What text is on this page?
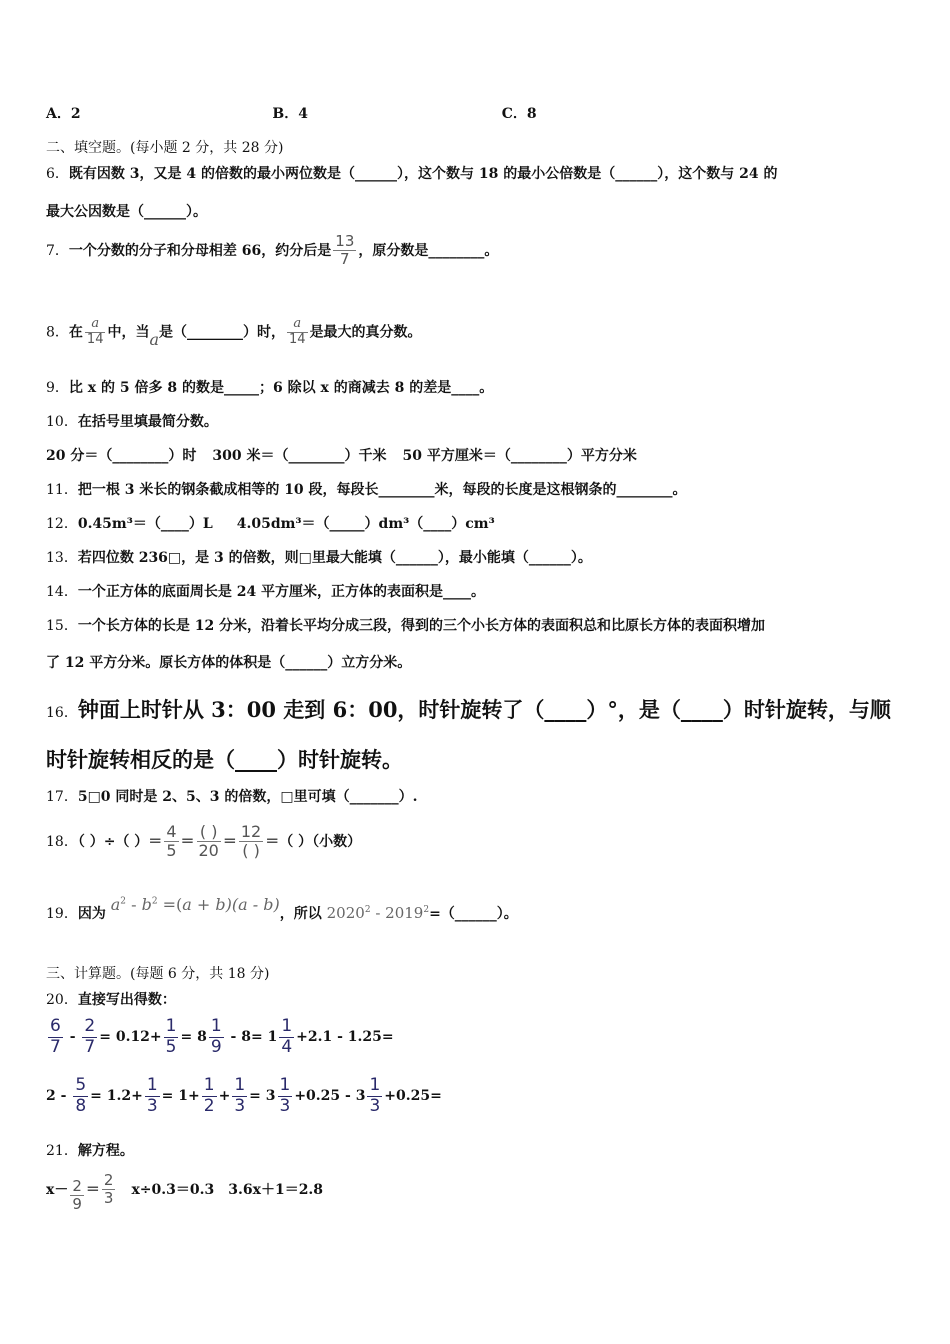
A．2	B．4	C．8
二、填空题。(每小题 2 分，共 28 分)
6．既有因数 3，又是 4 的倍数的最小两位数是（______），这个数与 18 的最小公倍数是（______），这个数与 24 的
最大公因数是（______）。
7．一个分数的分子和分母相差 66，约分后是 $\frac{13}{7}$ ，原分数是________。
8．在 $\frac{a}{14}$ 中，当a是（________）时， $\frac{a}{14}$ 是最大的真分数。
9．比 x 的 5 倍多 8 的数是_____；6 除以 x 的商减去 8 的差是____。
10．在括号里填最简分数。
20 分＝（________）时 300 米＝（________）千米 50 平方厘米＝（________）平方分米
11．把一根 3 米长的钢条截成相等的 10 段，每段长________米，每段的长度是这根钢条的________。
12．0.45m³＝（____）L 4.05dm³＝（_____）dm³（____）cm³
13．若四位数 236□，是 3 的倍数，则□里最大能填（______），最小能填（______）。
14．一个正方体的底面周长是 24 平方厘米，正方体的表面积是____。
15．一个长方体的长是 12 分米，沿着长平均分成三段，得到的三个小长方体的表面积总和比原长方体的表面积增加
了 12 平方分米。原长方体的体积是（______）立方分米。
16．钟面上时针从 3：00 走到 6：00，时针旋转了（____）°，是（____）时针旋转，与顺
时针旋转相反的是（____）时针旋转。
17．5□0 同时是 2、5、3 的倍数，□里可填（_______）.
18．（ ）÷（ ）＝ $\frac{4}{5}$ ＝
( )
20 ＝
12
( ) ＝（ ）（小数）
19．因为 $a^2 - b^2 =(a + b)(a - b)$，所以 $2020^2 - 2019^2=(\_\_\_\_\_\_)$。
三、计算题。(每题 6 分，共 18 分)
20．直接写出得数：
$\frac{6}{7} - \frac{2}{7} = 0.12+ \frac{1}{5} = 8 \frac{1}{9} - 8= 1 \frac{1}{4} +2.1 - 1.25=$
$2 - \frac{5}{8} = 1.2+ \frac{1}{3} = 1+ \frac{1}{2} + \frac{1}{3} = 3 \frac{1}{3} +0.25 - 3 \frac{1}{3} +0.25=$
21．解方程。
$x- \frac{2}{9} = \frac{2}{3} x\div 0.3=0.3$ 3.6x＋1＝2.8
